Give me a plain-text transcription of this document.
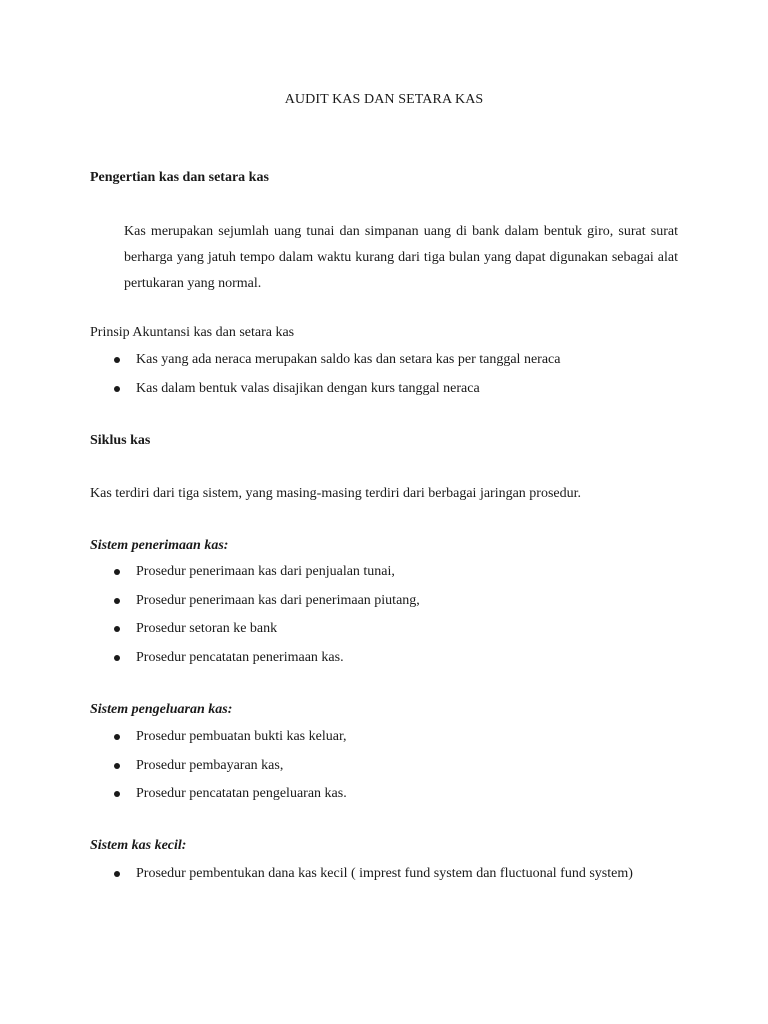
AUDIT KAS DAN SETARA KAS
Pengertian kas dan setara kas
Kas merupakan sejumlah uang tunai dan simpanan uang di bank dalam bentuk giro, surat surat berharga yang jatuh tempo dalam waktu kurang dari tiga bulan yang dapat digunakan sebagai alat pertukaran yang normal.
Prinsip Akuntansi kas dan setara kas
Kas yang ada neraca merupakan saldo kas dan setara kas per tanggal neraca
Kas dalam bentuk valas disajikan dengan kurs tanggal neraca
Siklus kas
Kas terdiri dari tiga sistem, yang masing-masing terdiri dari berbagai jaringan prosedur.
Sistem penerimaan kas:
Prosedur penerimaan kas dari penjualan tunai,
Prosedur penerimaan kas dari penerimaan piutang,
Prosedur setoran ke bank
Prosedur pencatatan penerimaan kas.
Sistem pengeluaran kas:
Prosedur pembuatan bukti kas keluar,
Prosedur pembayaran kas,
Prosedur pencatatan pengeluaran kas.
Sistem kas kecil:
Prosedur pembentukan dana kas kecil ( imprest fund system dan fluctuonal fund system)
